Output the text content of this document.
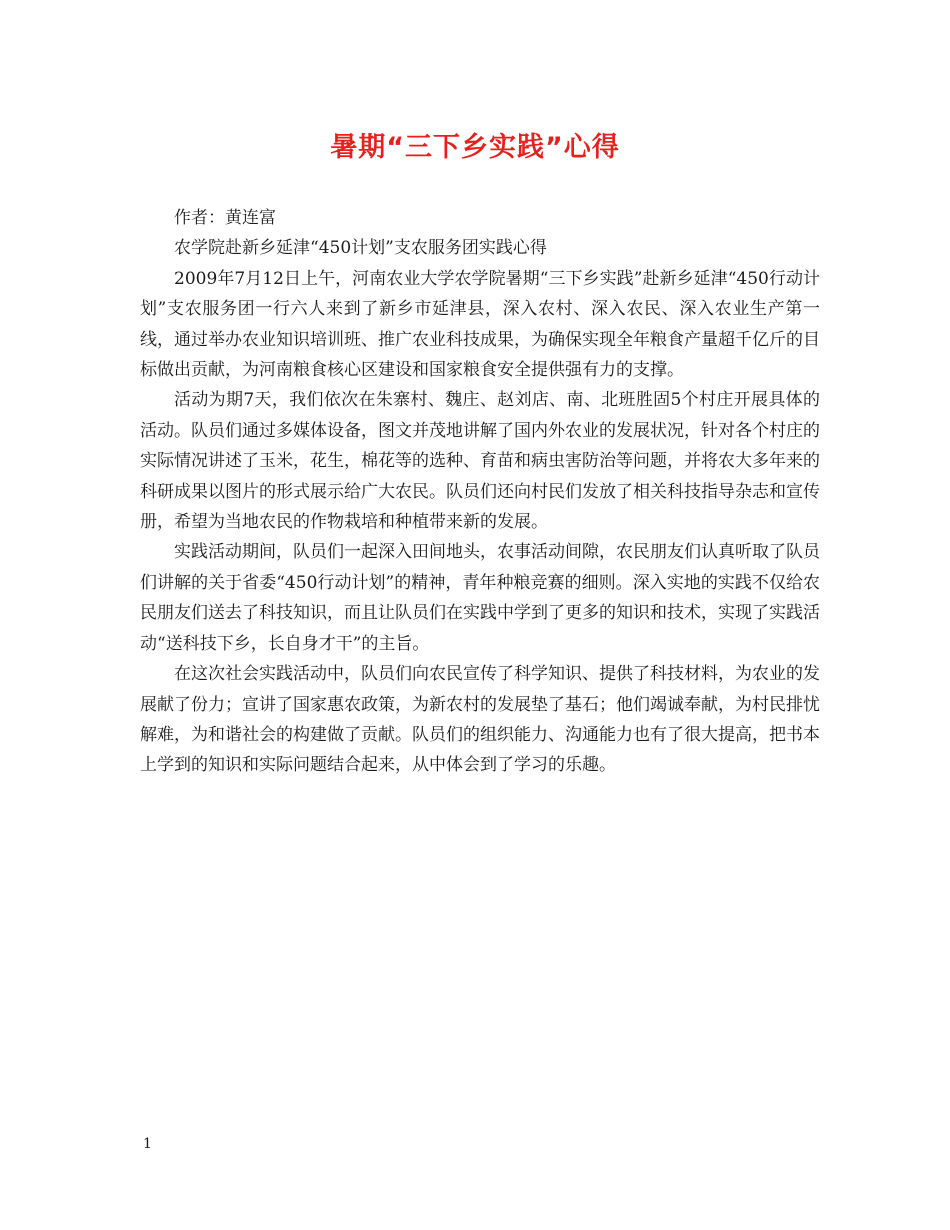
暑期“三下乡实践”心得

作者：黄连富

农学院赴新乡延津“450计划”支农服务团实践心得

2009年7月12日上午，河南农业大学农学院暑期“三下乡实践”赴新乡延津“450行动计划”支农服务团一行六人来到了新乡市延津县，深入农村、深入农民、深入农业生产第一线，通过举办农业知识培训班、推广农业科技成果，为确保实现全年粮食产量超千亿斤的目标做出贡献，为河南粮食核心区建设和国家粮食安全提供强有力的支撑。

活动为期7天，我们依次在朱寨村、魏庄、赵刘店、南、北班胜固5个村庄开展具体的活动。队员们通过多媒体设备，图文并茂地讲解了国内外农业的发展状况，针对各个村庄的实际情况讲述了玉米，花生，棉花等的选种、育苗和病虫害防治等问题，并将农大多年来的科研成果以图片的形式展示给广大农民。队员们还向村民们发放了相关科技指导杂志和宣传册，希望为当地农民的作物栽培和种植带来新的发展。

实践活动期间，队员们一起深入田间地头，农事活动间隙，农民朋友们认真听取了队员们讲解的关于省委“450行动计划”的精神，青年种粮竞赛的细则。深入实地的实践不仅给农民朋友们送去了科技知识，而且让队员们在实践中学到了更多的知识和技术，实现了实践活动“送科技下乡，长自身才干”的主旨。

在这次社会实践活动中，队员们向农民宣传了科学知识、提供了科技材料，为农业的发展献了份力；宣讲了国家惠农政策，为新农村的发展垫了基石；他们竭诚奉献，为村民排忧解难，为和谐社会的构建做了贡献。队员们的组织能力、沟通能力也有了很大提高，把书本上学到的知识和实际问题结合起来，从中体会到了学习的乐趣。

1
